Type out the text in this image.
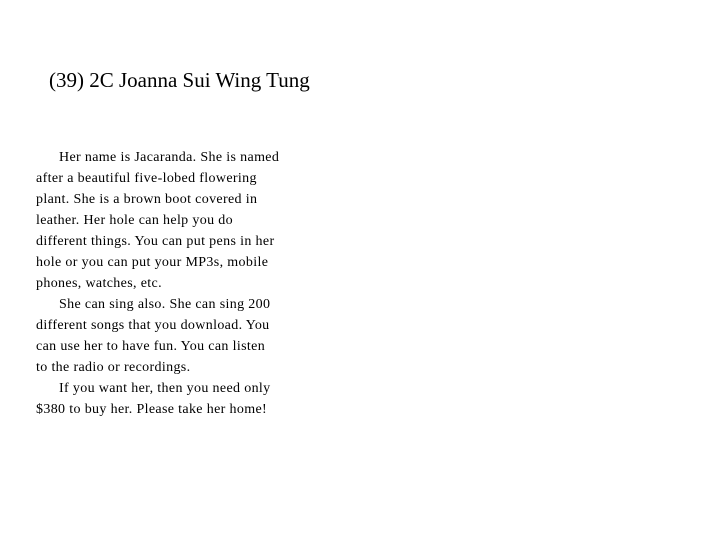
(39) 2C Joanna Sui Wing Tung
Her name is Jacaranda. She is named
after a beautiful five-lobed flowering
plant. She is a brown boot covered in
leather. Her hole can help you do
different things. You can put pens in her
hole or you can put your MP3s, mobile
phones, watches, etc.
She can sing also. She can sing 200
different songs that you download. You
can use her to have fun. You can listen
to the radio or recordings.
If you want her, then you need only
$380 to buy her. Please take her home!
